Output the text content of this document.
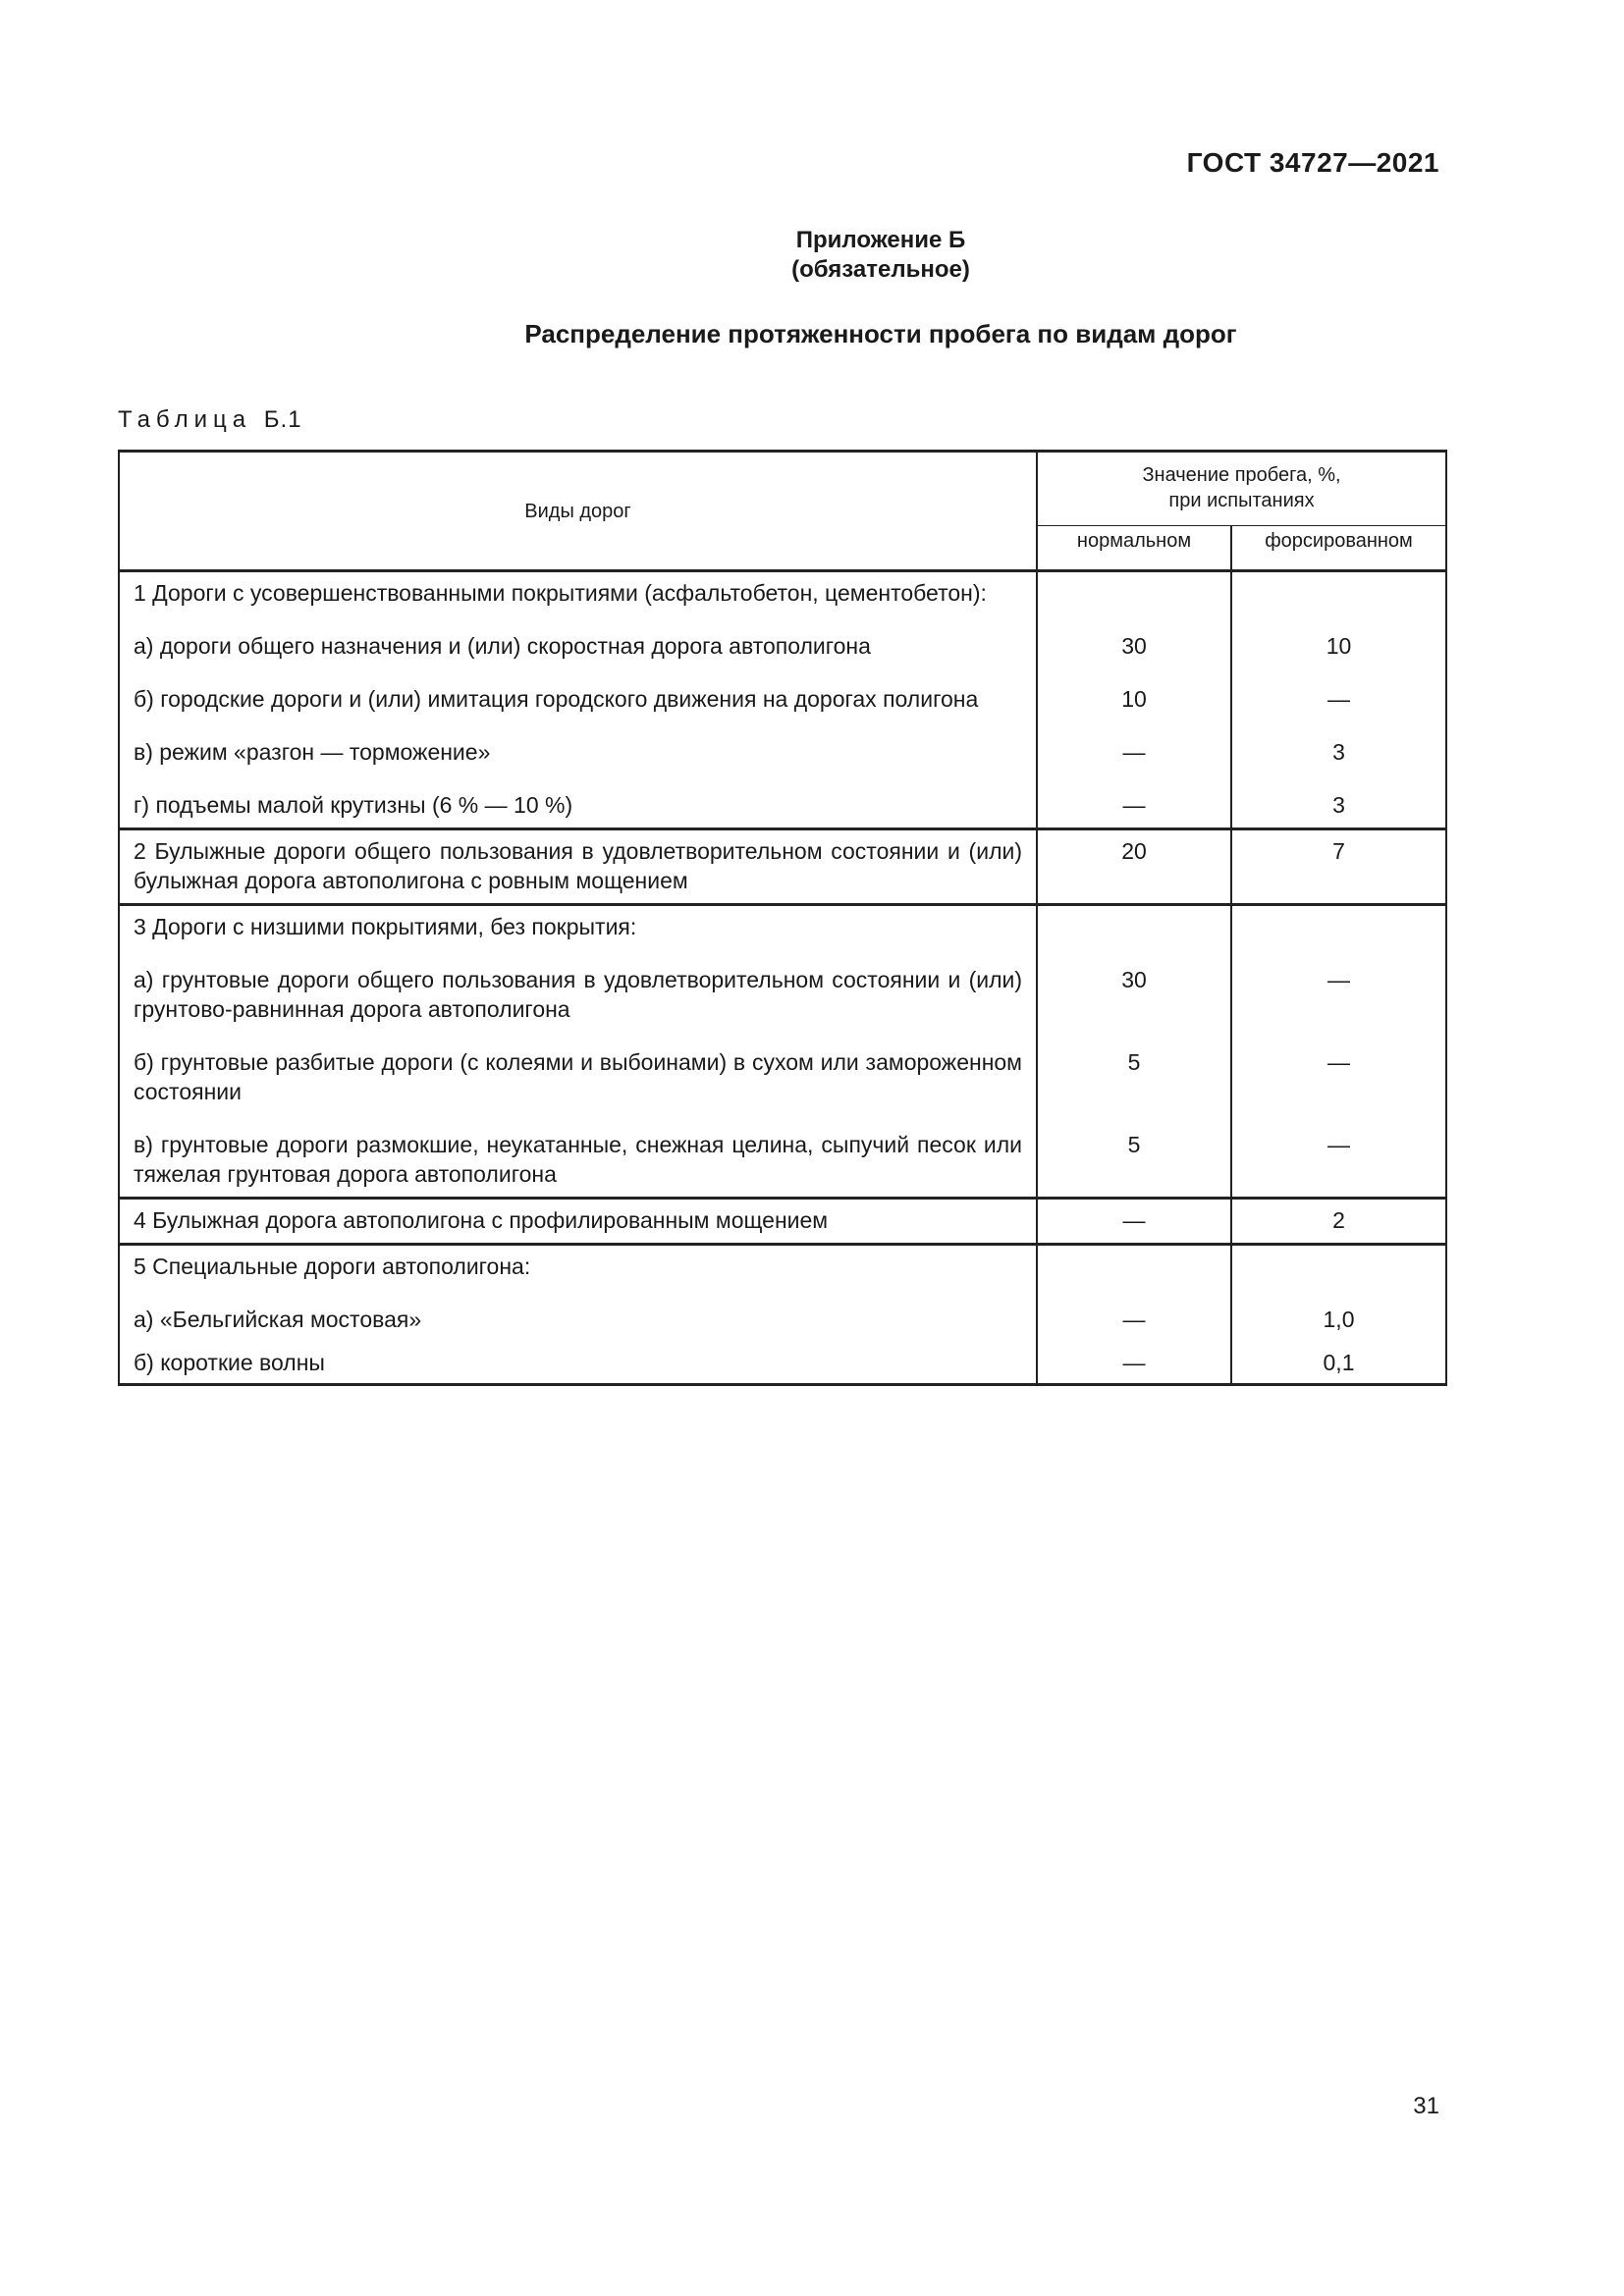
ГОСТ 34727—2021
Приложение Б
(обязательное)
Распределение протяженности пробега по видам дорог
Таблица Б.1
Виды дорог	Значение пробега, %,
при испытаниях	

	нормальном	форсированном
1 Дороги с усовершенствованными покрытиями (асфальтобетон, цементобетон):		
а) дороги общего назначения и (или) скоростная дорога автополигона	30	10
б) городские дороги и (или) имитация городского движения на дорогах полигона	10	—
в) режим «разгон — торможение»	—	3
г) подъемы малой крутизны (6 % — 10 %)	—	3
2 Булыжные дороги общего пользования в удовлетворительном состоянии и (или) булыжная дорога автополигона с ровным мощением	20	7
3 Дороги с низшими покрытиями, без покрытия:		
а) грунтовые дороги общего пользования в удовлетворительном состоянии и (или) грунтово-равнинная дорога автополигона	30	—
б) грунтовые разбитые дороги (с колеями и выбоинами) в сухом или замороженном состоянии	5	—
в) грунтовые дороги размокшие, неукатанные, снежная целина, сыпучий песок или тяжелая грунтовая дорога автополигона	5	—
4 Булыжная дорога автополигона с профилированным мощением	—	2
5 Специальные дороги автополигона:		
а) «Бельгийская мостовая»	—	1,0
б) короткие волны	—	0,1
31
